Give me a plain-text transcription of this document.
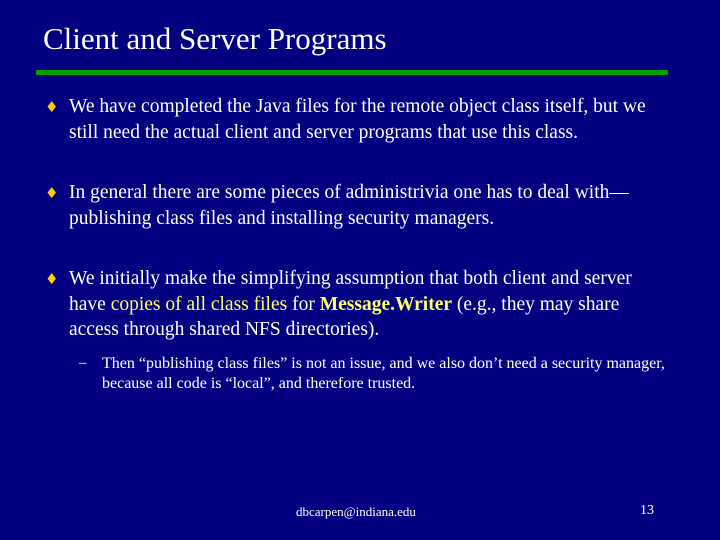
Client and Server Programs
♦ We have completed the Java files for the remote object class itself, but we still need the actual client and server programs that use this class.
♦ In general there are some pieces of administrivia one has to deal with—publishing class files and installing security managers.
♦ We initially make the simplifying assumption that both client and server have copies of all class files for Message.Writer (e.g., they may share access through shared NFS directories).
– Then “publishing class files” is not an issue, and we also don’t need a security manager, because all code is “local”, and therefore trusted.
dbcarpen@indiana.edu	13
